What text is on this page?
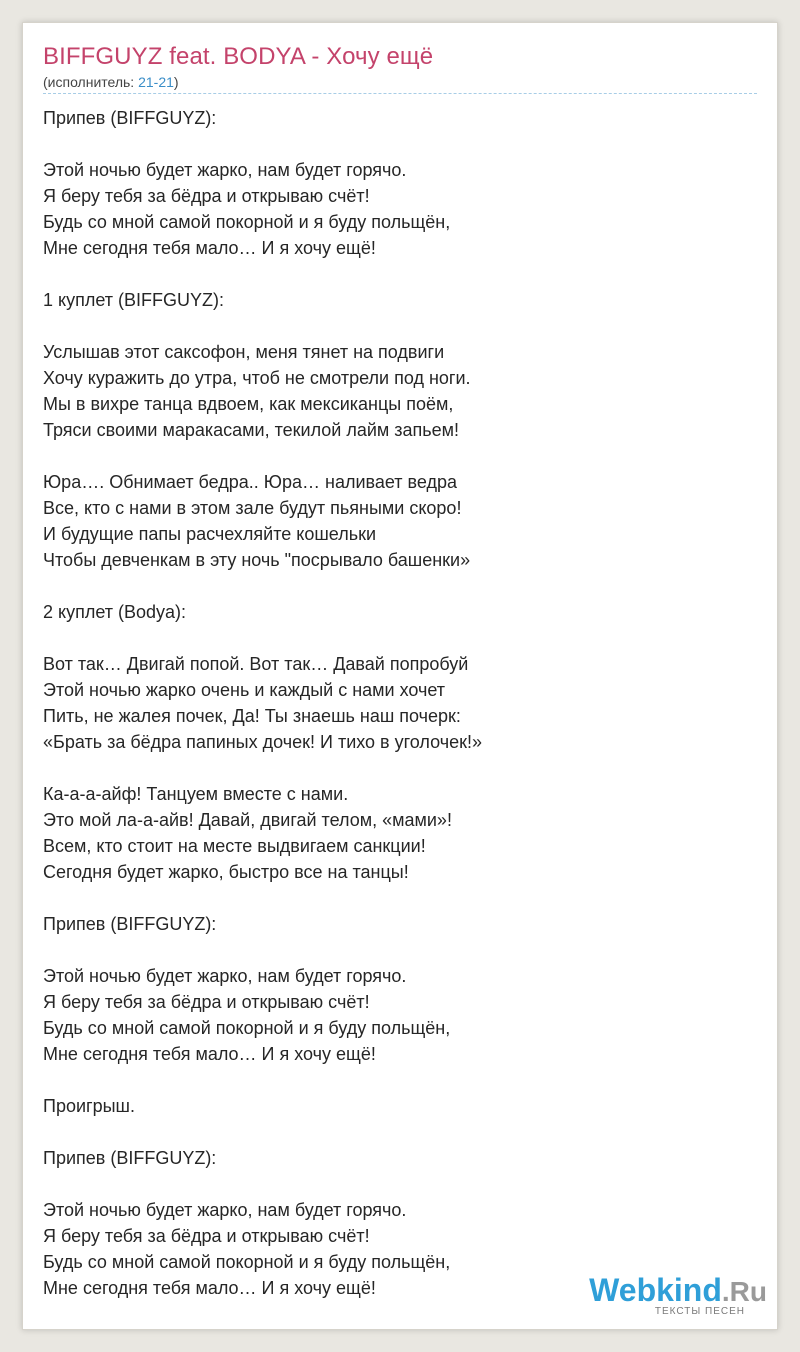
BIFFGUYZ feat. BODYA - Хочу ещё
(исполнитель: 21-21)
Припев (BIFFGUYZ):
Этой ночью будет жарко, нам будет горячо.
Я беру тебя за бёдра и открываю счёт!
Будь со мной самой покорной и я буду польщён,
Мне сегодня тебя мало… И я хочу ещё!
1 куплет (BIFFGUYZ):
Услышав этот саксофон, меня тянет на подвиги
Хочу куражить до утра, чтоб не смотрели под ноги.
Мы в вихре танца вдвоем, как мексиканцы поём,
Тряси своими маракасами, текилой лайм запьем!
Юра…. Обнимает бедра.. Юра… наливает ведра
Все, кто с нами в этом зале будут пьяными скоро!
И будущие папы расчехляйте кошельки
Чтобы девченкам в эту ночь "посрывало башенки»
2 куплет (Bodya):
Вот так… Двигай попой. Вот так… Давай попробуй
Этой ночью жарко очень и каждый с нами хочет
Пить, не жалея почек, Да! Ты знаешь наш почерк:
«Брать за бёдра папиных дочек! И тихо в уголочек!»
Ка-а-а-айф! Танцуем вместе с нами.
Это мой ла-а-айв! Давай, двигай телом, «мами»!
Всем, кто стоит на месте выдвигаем санкции!
Сегодня будет жарко, быстро все на танцы!
Припев (BIFFGUYZ):
Этой ночью будет жарко, нам будет горячо.
Я беру тебя за бёдра и открываю счёт!
Будь со мной самой покорной и я буду польщён,
Мне сегодня тебя мало… И я хочу ещё!
Проигрыш.
Припев (BIFFGUYZ):
Этой ночью будет жарко, нам будет горячо.
Я беру тебя за бёдра и открываю счёт!
Будь со мной самой покорной и я буду польщён,
Мне сегодня тебя мало… И я хочу ещё!	Webkind.Ru
ТЕКСТЫ ПЕСЕН
